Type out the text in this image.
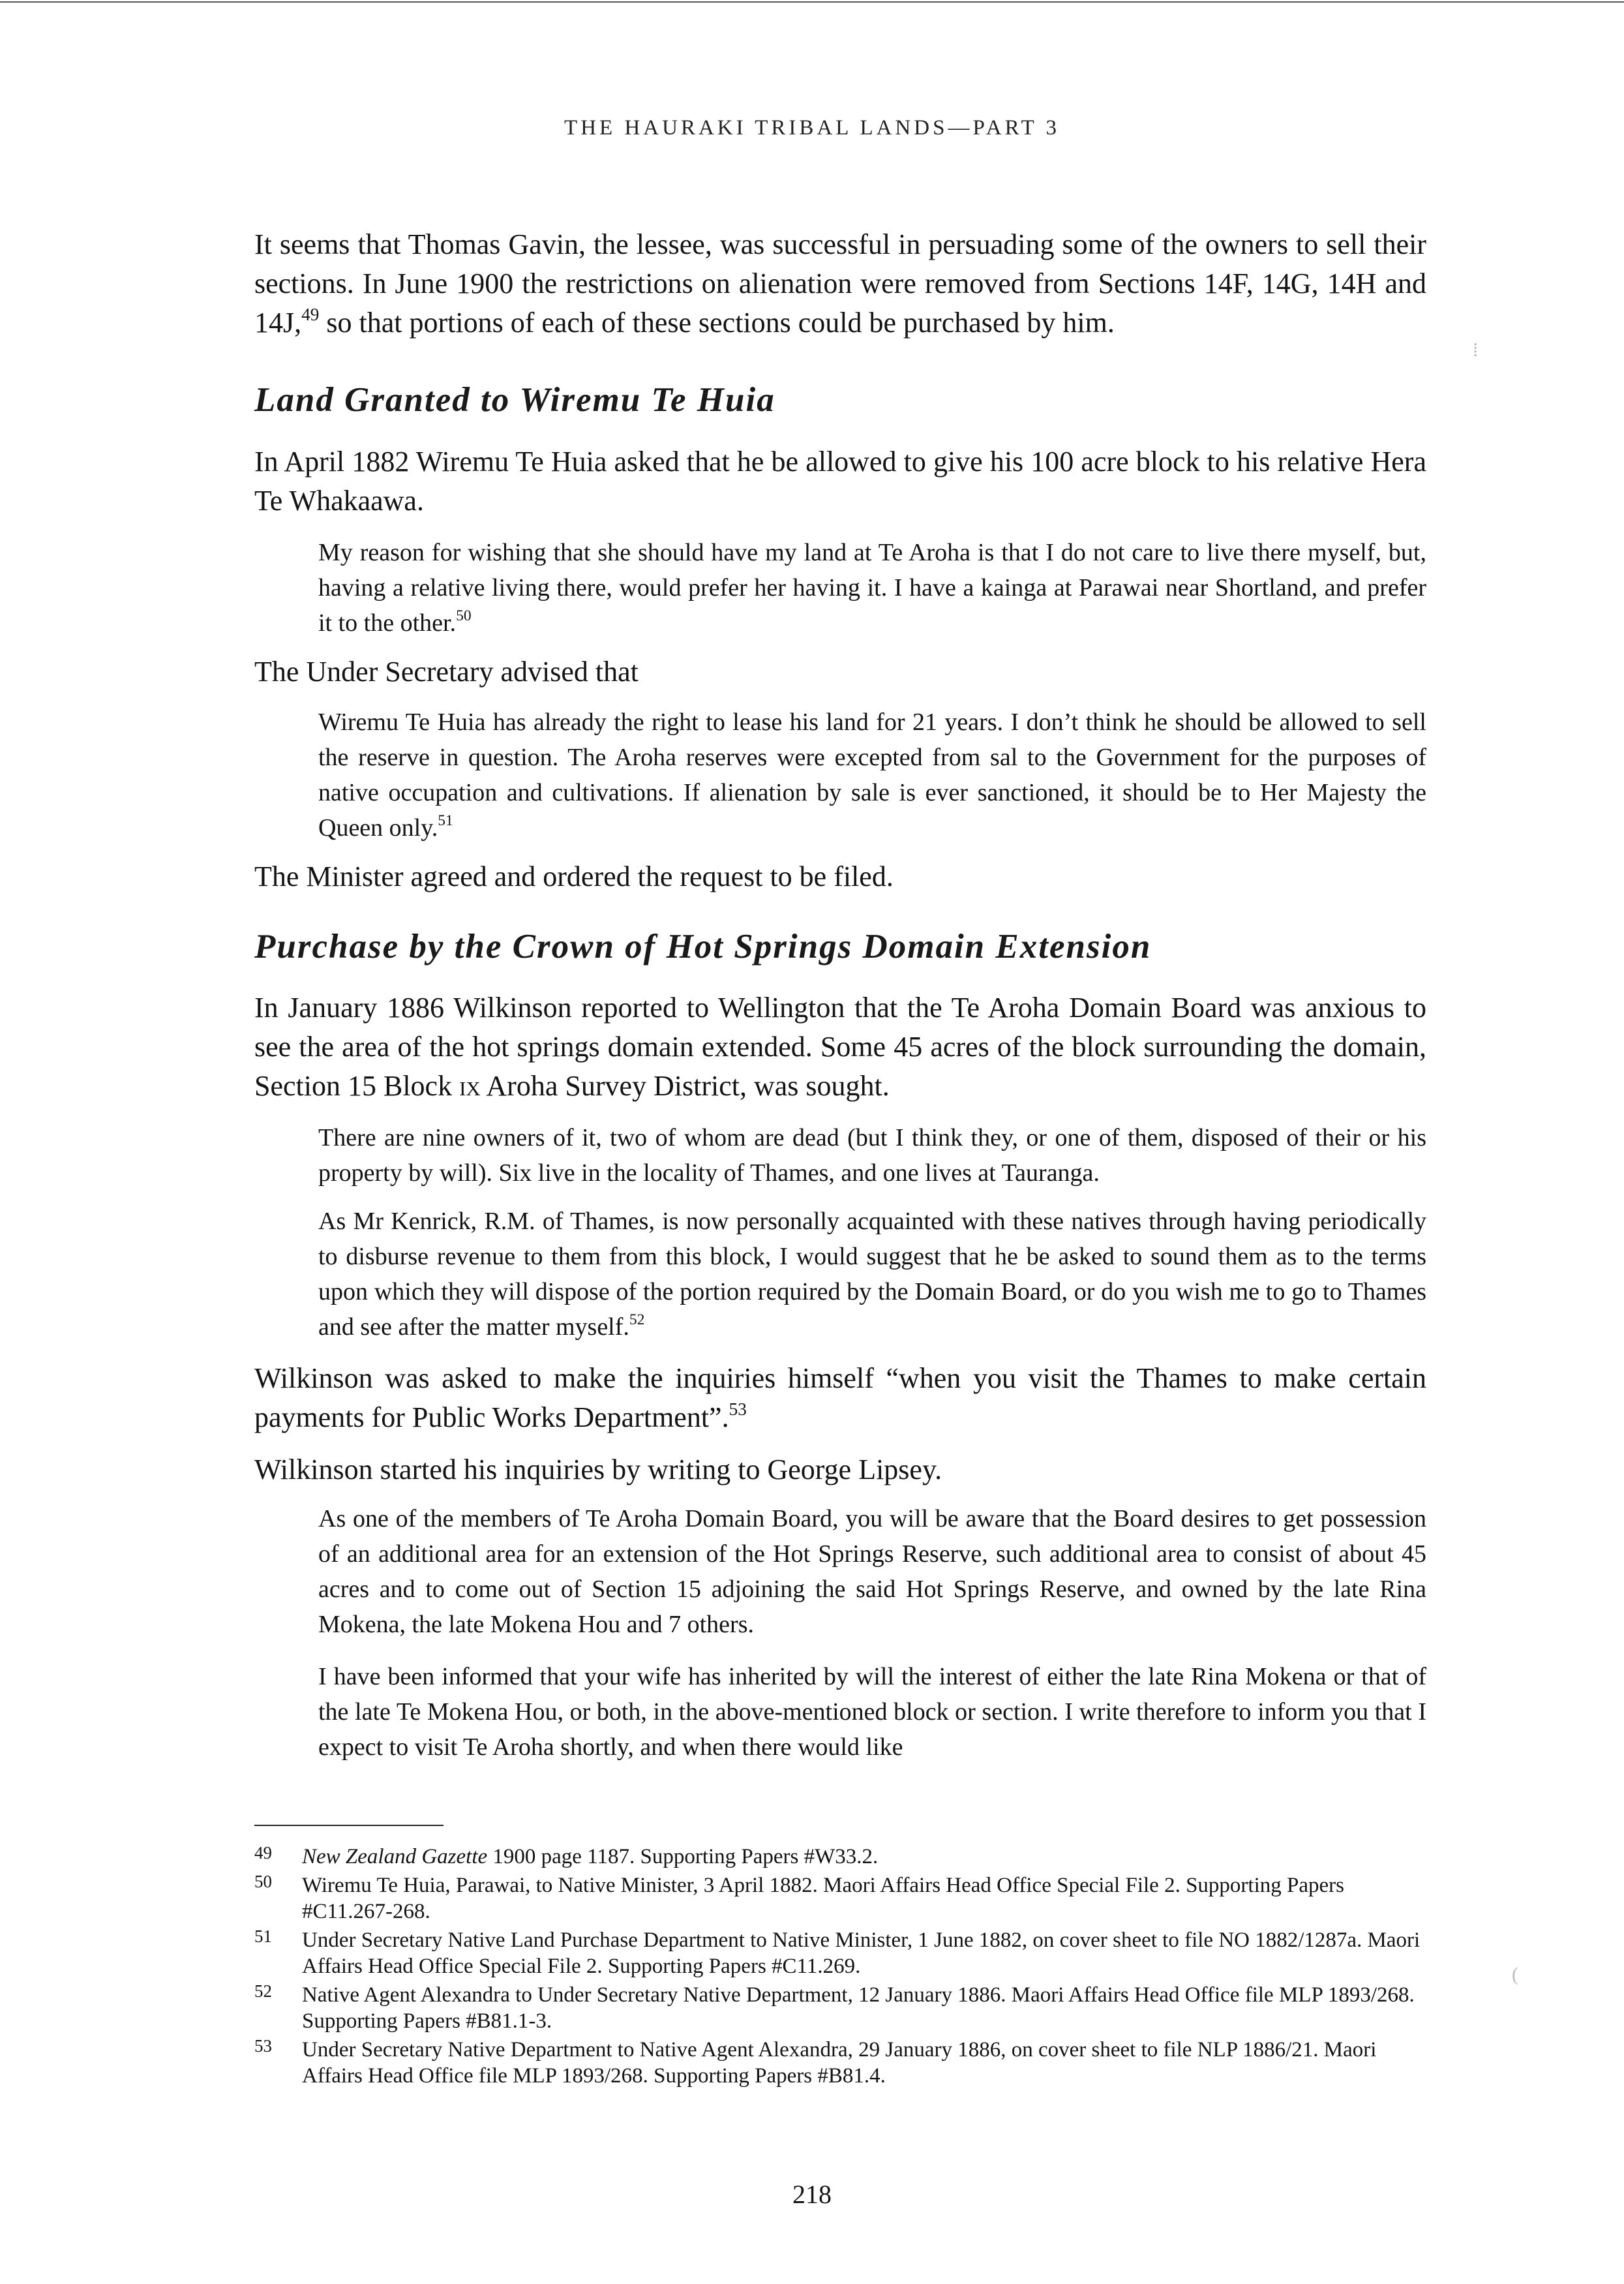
THE HAURAKI TRIBAL LANDS—PART 3

It seems that Thomas Gavin, the lessee, was successful in persuading some of the owners to sell their sections. In June 1900 the restrictions on alienation were removed from Sections 14F, 14G, 14H and 14J,$^{49}$ so that portions of each of these sections could be purchased by him.

Land Granted to Wiremu Te Huia

In April 1882 Wiremu Te Huia asked that he be allowed to give his 100 acre block to his relative Hera Te Whakaawa.

My reason for wishing that she should have my land at Te Aroha is that I do not care to live there myself, but, having a relative living there, would prefer her having it. I have a kainga at Parawai near Shortland, and prefer it to the other.$^{50}$

The Under Secretary advised that

Wiremu Te Huia has already the right to lease his land for 21 years. I don’t think he should be allowed to sell the reserve in question. The Aroha reserves were excepted from sal to the Government for the purposes of native occupation and cultivations. If alienation by sale is ever sanctioned, it should be to Her Majesty the Queen only.$^{51}$

The Minister agreed and ordered the request to be filed.

Purchase by the Crown of Hot Springs Domain Extension

In January 1886 Wilkinson reported to Wellington that the Te Aroha Domain Board was anxious to see the area of the hot springs domain extended. Some 45 acres of the block surrounding the domain, Section 15 Block ix Aroha Survey District, was sought.

There are nine owners of it, two of whom are dead (but I think they, or one of them, disposed of their or his property by will). Six live in the locality of Thames, and one lives at Tauranga.

As Mr Kenrick, R.M. of Thames, is now personally acquainted with these natives through having periodically to disburse revenue to them from this block, I would suggest that he be asked to sound them as to the terms upon which they will dispose of the portion required by the Domain Board, or do you wish me to go to Thames and see after the matter myself.$^{52}$

Wilkinson was asked to make the inquiries himself “when you visit the Thames to make certain payments for Public Works Department”.$^{53}$

Wilkinson started his inquiries by writing to George Lipsey.

As one of the members of Te Aroha Domain Board, you will be aware that the Board desires to get possession of an additional area for an extension of the Hot Springs Reserve, such additional area to consist of about 45 acres and to come out of Section 15 adjoining the said Hot Springs Reserve, and owned by the late Rina Mokena, the late Mokena Hou and 7 others.

I have been informed that your wife has inherited by will the interest of either the late Rina Mokena or that of the late Te Mokena Hou, or both, in the above-mentioned block or section. I write therefore to inform you that I expect to visit Te Aroha shortly, and when there would like

49	New Zealand Gazette 1900 page 1187. Supporting Papers #W33.2.
50	Wiremu Te Huia, Parawai, to Native Minister, 3 April 1882. Maori Affairs Head Office Special File 2. Supporting Papers #C11.267-268.
51	Under Secretary Native Land Purchase Department to Native Minister, 1 June 1882, on cover sheet to file NO 1882/1287a. Maori Affairs Head Office Special File 2. Supporting Papers #C11.269.
52	Native Agent Alexandra to Under Secretary Native Department, 12 January 1886. Maori Affairs Head Office file MLP 1893/268. Supporting Papers #B81.1-3.
53	Under Secretary Native Department to Native Agent Alexandra, 29 January 1886, on cover sheet to file NLP 1886/21. Maori Affairs Head Office file MLP 1893/268. Supporting Papers #B81.4.
218
⁞
(
